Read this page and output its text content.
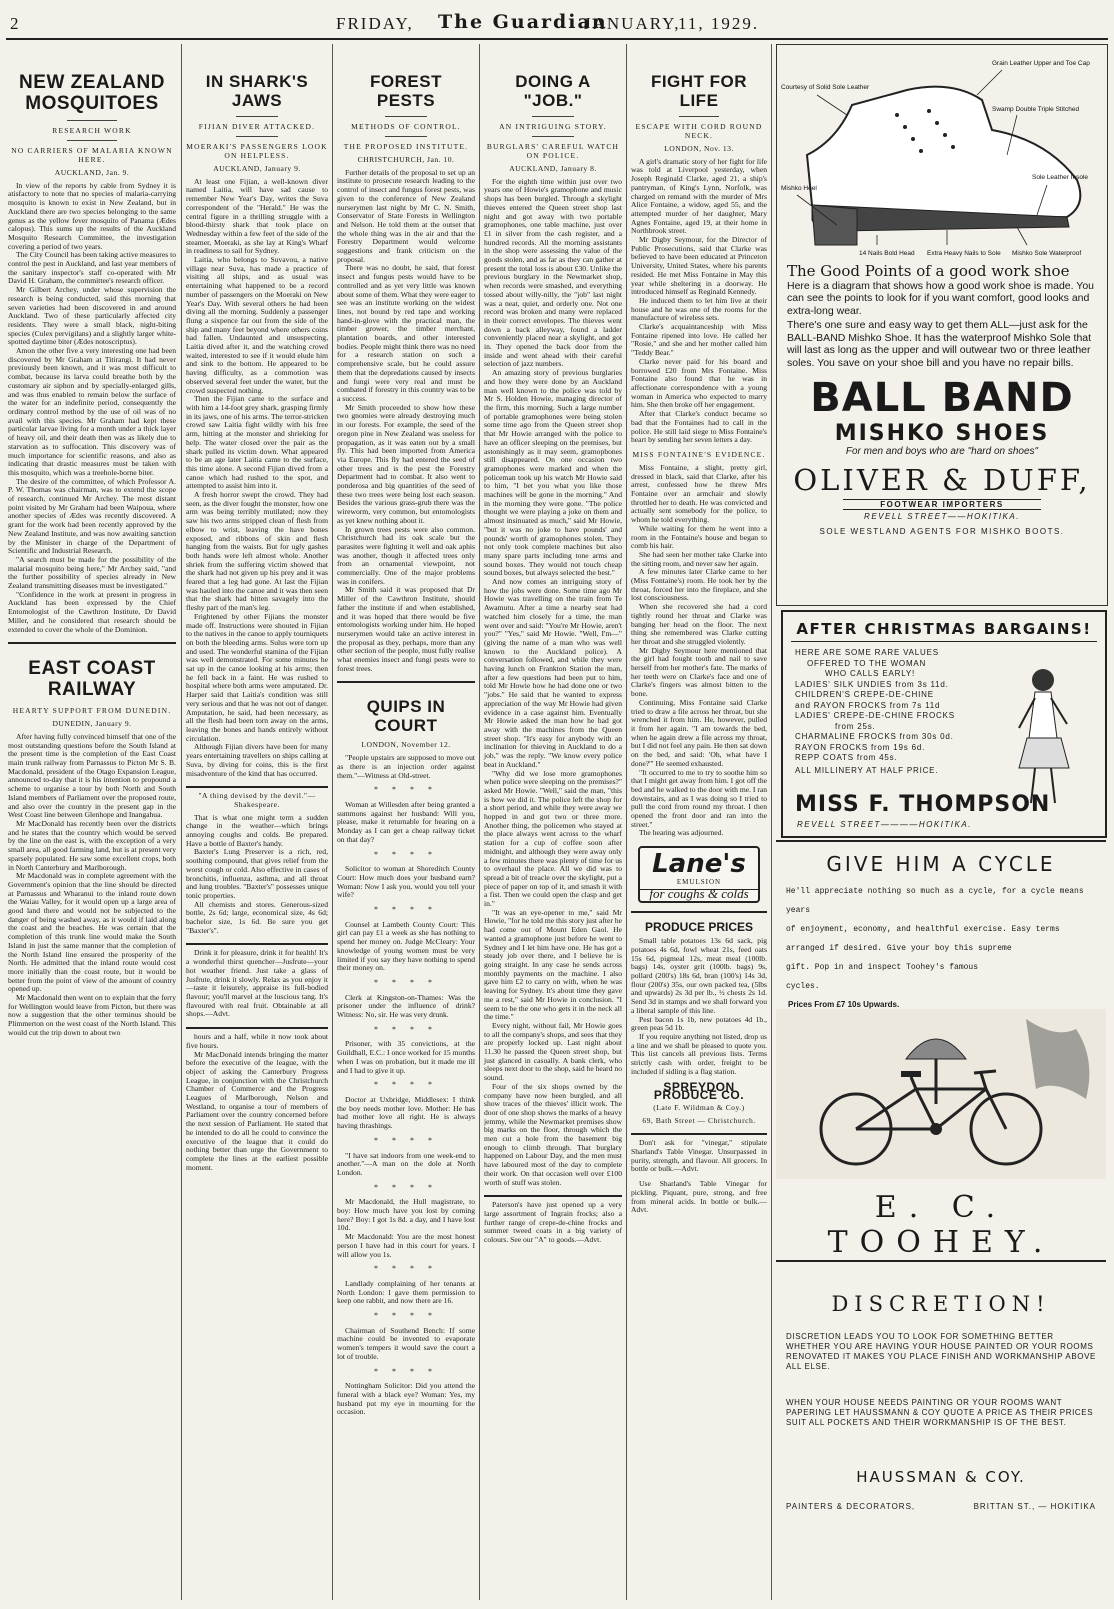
2	FRIDAY, The Guardian
JANUARY,
11, 1929.
NEW ZEALAND MOSQUITOES
RESEARCH WORK
NO CARRIERS OF MALARIA KNOWN HERE.
AUCKLAND, Jan. 9.

In view of the reports by cable from Sydney it is atisfactory to note that no species of malaria-carrying mosquito is known to exist in New Zealand, but in Auckland there are two species belonging to the same genus as the yellow fever mosquito of Panama (Ædes calopus). This sums up the results of the Auckland Mosquito Research Committee, the investigation covering a period of two years.

The City Council has been taking active measures to control the pest in Auckland, and last year members of the sanitary inspector's staff co-operated with Mr David H. Graham, the committee's research officer.

Mr Gilbert Archey, under whose supervision the research is being conducted, said this morning that seven varieties had been discovered in and around Auckland. Two of these particularly affected city residents. They were a small black, night-biting species (Culex pervigilans) and a slightly larger white-spotted daytime biter (Ædes notoscriptus).

Amon the other five a very interesting one had been discovered by Mr Graham at Titirangi. It had never previously been known, and it was most difficult to combat, because its larva could breathe both by the customary air siphon and by specially-enlarged gills, and was thus enabled to remain below the surface of the water for an indefinite period, consequently the ordinary control method by the use of oil was of no avail with this species. Mr Graham had kept these particular larvae living for a month under a thick layer of heavy oil, and their death then was as likely due to starvation as to suffocation. This discovery was of much importance for scientific reasons, and also as indicating that drastic measures must be taken with this mosquito, which was a treehole-borne biter.

The desire of the committee, of which Professor A. P. W. Thomas was chairman, was to extend the scope of research, continued Mr Archey. The most distant point visited by Mr Graham had been Waipoua, where another species of Ædes was recently discovered. A grant for the work had been recently approved by the New Zealand Institute, and was now awaiting sanction by the Minister in charge of the Department of Scientific and Industrial Research.

"A search must be made for the possibility of the malarial mosquito being here," Mr Archey said, "and the further possibility of species already in New Zealand transmitting diseases must be investigated."

"Confidence in the work at present in progress in Auckland has been expressed by the Chief Entomologist of the Cawthron Institute, Dr David Miller, and he considered that research should be extended to cover the whole of the Dominion.

EAST COAST RAILWAY
HEARTY SUPPORT FROM DUNEDIN.
DUNEDIN, January 9.

After having fully convinced himself that one of the most outstanding questions before the South Island at the present time is the completion of the East Coast main trunk railway from Parnassus to Picton Mr S. B. Macdonald, president of the Otago Expansion League, announced to-day that it is his intention to propound a scheme to organise a tour by both North and South Island members of Parliament over the proposed route, and also over the country in the present gap in the West Coast line between Glenhope and Inangahua.

Mr MacDonald has recently been over the districts and he states that the country which would be served by the line on the east is, with the exception of a very small area, all good farming land, but is at present very sparsely populated. He saw some excellent crops, both in North Canterbury and Marlborough.

Mr Macdonald was in complete agreement with the Government's opinion that the line should be directed at Parnassus and Wharanui to the inland route down the Waiau Valley, for it would open up a large area of good land there and would not be subjected to the danger of being washed away, as it would if laid along the coast and the beaches. He was certain that the completion of this trunk line would make the South Island in just the same manner that the completion of the North Island line ensured the prosperity of the North. He admitted that the inland route would cost more initially than the coast route, but it would be better from the point of view of the amount of country opened up.

Mr Macdonald then went on to explain that the ferry for Wellington would leave from Picton, but there was now a suggestion that the other terminus should be Plimmerton on the west coast of the North Island. This would cut the trip down to about two

IN SHARK'S JAWS
FIJIAN DIVER ATTACKED.
MOERAKI'S PASSENGERS LOOK ON HELPLESS.
AUCKLAND, January 9.

At least one Fijian, a well-known diver named Laitia, will have sad cause to remember New Year's Day, writes the Suva correspondent of the "Herald." He was the central figure in a thrilling struggle with a blood-thirsty shark that took place on Wednesday within a few feet of the side of the steamer, Moeraki, as she lay at King's Wharf in readiness to sail for Sydney.

Laitia, who belongs to Suvavou, a native village near Suva, has made a practice of visiting all ships, and as usual was entertaining what happened to be a record number of passengers on the Moeraki on New Year's Day. With several others he had been diving all the morning. Suddenly a passenger flung a sixpence far out from the side of the ship and many feet beyond where others coins had fallen. Undaunted and unsuspecting, Laitia dived after it, and the watching crowd waited, interested to see if it would elude him and sink to the bottom. He appeared to be having difficulty, as a commotion was observed several feet under the water, but the crowd suspected nothing.

Then the Fijian came to the surface and with him a 14-foot grey shark, grasping firmly in its jaws, one of his arms. The terror-stricken crowd saw Laitia fight wildly with his free arm, hitting at the monster and shrieking for help. The water closed over the pair as the shark pulled its victim down. What appeared to be an age later Laitia came to the surface, this time alone. A second Fijian dived from a canoe which had rushed to the spot, and attempted to assist him into it.

A fresh horror swept the crowd. They had seen, as the diver fought the monster, how one arm was being terribly mutilated; now they saw his two arms stripped clean of flesh from elbow to wrist, leaving the have bones exposed, and ribbons of skin and flesh hanging from the waists. But for ugly gashes both hands were left almost whole. Another shriek from the suffering victim showed that the shark had not given up his prey and it was feared that a leg had gone. At last the Fijian was hauled into the canoe and it was then seen that the shark had bitten savagely into the fleshy part of the man's leg.

Frightened by other Fijians the monster made off. Instructions were shouted in Fijian to the natives in the canoe to apply tourniquets on both the bleeding arms. Sulus were torn up and used. The wonderful stamina of the Fijian was well demonstrated. For some minutes he sat up in the canoe looking at his arms; then he fell back in a faint. He was rushed to hospital where both arms were amputated. Dr. Harper said that Laitia's condition was still very serious and that he was not out of danger. Amputation, he said, had been necessary, as all the flesh had been torn away on the arms, leaving the bones and hands entirely without circulation.

Although Fijian divers have been for many years entertaining travellers on ships calling at Suva, by diving for coins, this is the first misadventure of the kind that has occurred.

"A thing devised by the devil."—Shakespeare.

That is what one might term a sudden change in the weather—which brings annoying coughs and colds. Be prepared. Have a bottle of Baxter's handy.

Baxter's Lung Preserver is a rich, red, soothing compound, that gives relief from the worst cough or cold. Also effective in cases of bronchitis, influenza, asthma, and all throat and lung troubles. "Baxter's" possesses unique tonic properties.

All chemists and stores. Generous-sized bottle, 2s 6d; large, economical size, 4s 6d; bachelor size, 1s 6d. Be sure you get "Baxter's".

Drink it for pleasure, drink it for health! It's a wonderful thirst quencher—Jusfrute—your hot weather friend. Just take a glass of Jusfrute, drink it slowly. Relax as you enjoy it—taste it leisurely, appraise its full-bodied flavour; you'll marvel at the luscious tang. It's flavoured with real fruit. Obtainable at all shops.—Advt.

hours and a half, while it now took about five hours.

Mr MacDonald intends bringing the matter before the executive of the league, with the object of asking the Canterbury Progress League, in conjunction with the Christchurch Chamber of Commerce and the Progress Leagues of Marlborough, Nelson and Westland, to organise a tour of members of Parliament over the country concerned before the next session of Parliament. He stated that he intended to do all he could to convince the executive of the league that it could do nothing better than urge the Government to complete the lines at the earliest possible moment.

FOREST PESTS
METHODS OF CONTROL.
THE PROPOSED INSTITUTE.
CHRISTCHURCH, Jan. 10.

Further details of the proposal to set up an institute to prosecute research leading to the control of insect and fungus forest pests, was given to the conference of New Zealand nurserymen last night by Mr C. N. Smith, Conservator of State Forests in Wellington and Nelson. He told them at the outset that the whole thing was in the air and that the Forestry Department would welcome suggestions and frank criticism on the proposal.

There was no doubt, he said, that forest insect and fungus pests would have to be controlled and as yet very little was known about some of them. What they were eager to see was an institute working on the widest lines, not bound by red tape and working hand-in-glove with the practical man, the timber grower, the timber merchant, plantation boards, and other interested bodies. People might think there was no need for a research station on such a comprehensive scale, but he could assure them that the depredations caused by insects and fungi were very real and must be combated if forestry in this country was to be a success.

Mr Smith proceeded to show how these two gnomies were already destroying much in our forests. For example, the seed of the oregon pine in New Zealand was useless for propagation, as it was eaten out by a small fly. This had been imported from America via Europe. This fly had entered the seed of other trees and is the pest the Forestry Department had to combat. It also went to ponderosa and big quantities of the seed of these two trees were being lost each season. Besides the various grass-grub there was the wireworm, very common, but entomologists as yet knew nothing about it.

In grown trees pests were also common. Christchurch had its oak scale but the parasites were fighting it well and oak aphis was another, though it affected trees only from an ornamental viewpoint, not commercially. One of the major problems was in conifers.

Mr Smith said it was proposed that Dr Miller of the Cawthron Institute, should father the institute if and when established, and it was hoped that there would be five entomologists working under him. He hoped nurserymen would take an active interest in the proposal as they, perhaps, more than any other section of the people, must fully realise what enemies insect and fungi pests were to forest trees.

QUIPS IN COURT
LONDON, November 12.

"People upstairs are supposed to move out as there is an injection order against them."—Witness at Old-street.

* * * *

Woman at Willesden after being granted a summons against her husband: Will you, please, make it returnable for hearing on a Monday as I can get a cheap railway ticket on that day?

* * * *

Solicitor to woman at Shoreditch County Court: How much does your husband earn? Woman: Now I ask you, would you tell your wife?

* * * *

Counsel at Lambeth County Court: This girl can pay £1 a week as she has nothing to spend her money on. Judge McCleary: Your knowledge of young women must be very limited if you say they have nothing to spend their money on.

* * * *

Clerk at Kingston-on-Thames: Was the prisoner under the influence of drink? Witness: No, sir. He was very drunk.

* * * *

Prisoner, with 35 convictions, at the Guildhall, E.C.: I once worked for 15 months when I was on probation, but it made me ill and I had to give it up.

* * * *

Doctor at Uxbridge, Middlesex: I think the boy needs mother love. Mother: He has had mother love all right. He is always having thrashings.

* * * *

"I have sat indoors from one week-end to another."—A man on the dole at North London.

* * * *

Mr Macdonald, the Hull magistrate, to boy: How much have you lost by coming here? Boy: I got 1s 8d. a day, and I have lost 10d.

Mr Macdonald: You are the most honest person I have had in this court for years. I will allow you 1s.

* * * *

Landlady complaining of her tenants at North London: I gave them permission to keep one rabbit, and now there are 16.

* * * *

Chairman of Southend Bench: If some machine could be invented to evaporate women's tempers it would save the court a lot of trouble.

* * * *

Nottingham Solicitor: Did you attend the funeral with a black eye? Woman: Yes, my husband put my eye in mourning for the occasion.

DOING A "JOB."
AN INTRIGUING STORY.
BURGLARS' CAREFUL WATCH ON POLICE.
AUCKLAND, January 8.

For the eighth time within just over two years one of Howie's gramophone and music shops has been burgled. Through a skylight thieves entered the Queen street shop last night and got away with two portable gramophones, one table machine, just over £1 in silver from the cash register, and a hundred records. All the morning assistants in the shop were assessing the value of the goods stolen, and as far as they can gather at present the total loss is about £30. Unlike the previous burglary in the Newmarket shop, when records were smashed, and everything tossed about willy-nilly, the "job" last night was a neat, quiet, and orderly one. Not one record was broken and many were replaced in their correct envelopes. The thieves went down a back alleyway, found a ladder conveniently placed near a skylight, and got in. They opened the back door from the inside and went ahead with their careful selection of jazz numbers.

An amazing story of previous burglaries and how they were done by an Auckland man well known to the police was told by Mr S. Holden Howie, managing director of the firm, this morning. Such a large number of portable gramophones were being stolen some time ago from the Queen street shop that Mr Howie arranged with the police to have an officer sleeping on the premises, but astonishingly as it may seem, gramophones still disappeared. On one occasion two gramophones were marked and when the policeman took up his watch Mr Howie said to him, "I bet you what you like those machines will be gone in the morning." And in the morning they were gone. "The police thought we were playing a joke on them and almost insinuated as much," said Mr Howie, "but it was no joke to have pounds' and pounds' worth of gramophones stolen. They not only took complete machines but also many spare parts including tone arms and sound boxes. They would not touch cheap sound boxes, but always selected the best."

And now comes an intriguing story of how the jobs were done. Some time ago Mr Howie was travelling on the train from Te Awamutu. After a time a nearby seat had watched him closely for a time, the man went over and said: "You're Mr Howie, aren't you?" "Yes," said Mr Howie. "Well, I'm—" (giving the name of a man who was well known to the Auckland police). A conversation followed, and while they were having lunch on Frankton Station the man, after a few questions had been put to him, told Mr Howie how he had done one or two "jobs." He said that he wanted to express appreciation of the way Mr Howie had given evidence in a case against him. Eventually Mr Howie asked the man how he had got away with the machines from the Queen street shop. "It's easy for anybody with an inclination for thieving in Auckland to do a job," was the reply. "We know every police beat in Auckland."

"Why did we lose more gramophones when police were sleeping on the premises?" asked Mr Howie. "Well," said the man, "this is how we did it. The police left the shop for a short period, and while they were away we hopped in and got two or three more. Another thing, the policemen who stayed at the place always went across to the wharf station for a cup of coffee soon after midnight, and although they were away only a few minutes there was plenty of time for us to overhaul the place. All we did was to spread a bit of treacle over the skylight, put a piece of paper on top of it, and smash it with a fist. Then we could open the clasp and get in."

"It was an eye-opener to me," said Mr Howie, "for he told me this story just after he had come out of Mount Eden Gaol. He wanted a gramophone just before he went to Sydney and I let him have one. He has got a steady job over there, and I believe he is going straight. In any case he sends across monthly payments on the machine. I also gave him £2 to carry on with, when he was leaving for Sydney. It's about time they gave me a rest," said Mr Howie in conclusion. "I seem to be the one who gets it in the neck all the time."

Every night, without fail, Mr Howie goes to all the company's shops, and sees that they are properly locked up. Last night about 11.30 he passed the Queen street shop, but just glanced in casually. A bank clerk, who sleeps next door to the shop, said he heard no sound.

Four of the six shops owned by the company have now been burgled, and all show traces of the thieves' illicit work. The door of one shop shows the marks of a heavy jemmy, while the Newmarket premises show big marks on the floor, through which the men cut a hole from the basement big enough to climb through. That burglary happened on Labour Day, and the men must have laboured most of the day to complete their work. On that occasion well over £100 worth of stuff was stolen.

Paterson's have just opened up a very large assortment of Ingrain frocks; also a further range of crepe-de-chine frocks and summer tweed coats in a big variety of colours. See our "A" to goods.—Advt.

FIGHT FOR LIFE
ESCAPE WITH CORD ROUND NECK.
LONDON, Nov. 13.

A girl's dramatic story of her fight for life was told at Liverpool yesterday, when Joseph Reginald Clarke, aged 21, a ship's pantryman, of King's Lynn, Norfolk, was charged on remand with the murder of Mrs Alice Fontaine, a widow, aged 55, and the attempted murder of her daughter, Mary Agnes Fontaine, aged 19, at their home in Northbrook street.

Mr Digby Seymour, for the Director of Public Prosecutions, said that Clarke was believed to have been educated at Princeton University, United States, where his parents resided. He met Miss Fontaine in May this year while sheltering in a doorway. He introduced himself as Reginald Kennedy.

He induced them to let him live at their house and he was one of the rooms for the manufacture of wireless sets.

Clarke's acquaintanceship with Miss Fontaine ripened into love. He called her "Rosie," and she and her mother called him "Teddy Bear."

Clarke never paid for his board and borrowed £20 from Mrs Fontaine. Miss Fontaine also found that he was in affectionate correspondence with a young woman in America who expected to marry him. She then broke off her engagement.

After that Clarke's conduct became so bad that the Fontaines had to call in the police. He still laid siege to Miss Fontaine's heart by sending her seven letters a day.

MISS FONTAINE'S EVIDENCE.

Miss Fontaine, a slight, pretty girl, dressed in black, said that Clarke, after his arrest, confessed how he threw Mrs Fontaine over an armchair and slowly throttled her to death. He was convicted and actually sent somebody for the police, to whom he told everything.

While waiting for them he went into a room in the Fontaine's house and began to comb his hair.

She had seen her mother take Clarke into the sitting room, and never saw her again.

A few minutes later Clarke came to her (Miss Fontaine's) room. He took her by the throat, forced her into the fireplace, and she lost consciousness.

When she recovered she had a cord tightly round her throat and Clarke was banging her head on the floor. The next thing she remembered was Clarke cutting her throat and she struggled violently.

Mr Digby Seymour here mentioned that the girl had fought tooth and nail to save herself from her mother's fate. The marks of her teeth were on Clarke's face and one of Clarke's fingers was almost bitten to the bone.

Continuing, Miss Fontaine said Clarke tried to draw a file across her throat, but she wrenched it from him. He, however, pulled it from her again. "I am towards the bed, when he again drew a file across my throat, but I did not feel any pain. He then sat down on the bed, and said: 'Oh, what have I done?'" He seemed exhausted.

"It occurred to me to try to soothe him so that I might get away from him. I got off the bed and he walked to the door with me. I ran downstairs, and as I was doing so I tried to pull the cord from round my throat. I then opened the front door and ran into the street."

The hearing was adjourned.

Lane's
EMULSION
for coughs & colds
PRODUCE PRICES

Small table potatoes 13s 6d sack, pig potatoes 4s 6d, fowl wheat 21s, feed oats 15s 6d, pigmeal 12s, meat meal (100lb. bags) 14s, oyster grit (100lb. bags) 9s, pollard (200's) 18s 6d, bran (100's) 14s 3d, flour (200's) 35s, our own packed tea, (5lbs and upwards) 2s 3d per lb., ½ chests 2s 1d. Send 3d in stamps and we shall forward you a liberal sample of this line.

Pest bacon 1s 1b, new potatoes 4d 1b., green peas 5d 1b.

If you require anything not listed, drop us a line and we shall be pleased to quote you. This list cancels all previous lists. Terms strictly cash with order, freight to be included if sidling is a flag station.

SPREYDON PRODUCE CO.
(Late F. Wildman & Coy.)
69, Bath Street — Christchurch.

Don't ask for "vinegar," stipulate Sharland's Table Vinegar. Unsurpassed in purity, strength, and flavour. All grocers. In bottle or bulk.—Advt.

Use Sharland's Table Vinegar for pickling. Piquant, pure, strong, and free from mineral acids. In bottle or bulk.—Advt.

Grain Leather Upper and Toe Cap
Courtesy of Solid Sole Leather
Swamp Double Triple Stitched
Mishko Heel
Sole Leather Insole
14 Nails Bold Head Extra Heavy Nails to Sole Mishko Sole Waterproof
The Good Points of a good work shoe
Here is a diagram that shows how a good work shoe is made. You can see the points to look for if you want comfort, good looks and extra-long wear.
There's one sure and easy way to get them ALL—just ask for the BALL-BAND Mishko Shoe. It has the waterproof Mishko Sole that will last as long as the upper and will outwear two or three leather soles. You save on your shoe bill and you have no repair bills.
BALL BAND
MISHKO SHOES
For men and boys who are "hard on shoes"
OLIVER & DUFF,
FOOTWEAR IMPORTERS
REVELL STREET——HOKITIKA.
SOLE WESTLAND AGENTS FOR MISHKO BOOTS.
AFTER CHRISTMAS BARGAINS!
HERE ARE SOME RARE VALUES
OFFERED TO THE WOMAN
WHO CALLS EARLY!
LADIES' SILK UNDIES from 3s 11d.
CHILDREN'S CREPE-DE-CHINE
and RAYON FROCKS from 7s 11d
LADIES' CREPE-DE-CHINE FROCKS
from 25s.
CHARMALINE FROCKS from 30s 0d.
RAYON FROCKS from 19s 6d.
REPP COATS from 45s.
ALL MILLINERY AT HALF PRICE.
MISS F. THOMPSON
REVELL STREET————HOKITIKA.
GIVE HIM A CYCLE
He'll appreciate nothing so much as a cycle, for a cycle means years
of enjoyment, economy, and healthful exercise. Easy terms
arranged if desired. Give your boy this supreme
gift. Pop in and inspect Toohey's famous
cycles.
Prices From £7 10s Upwards.
E. C. TOOHEY.
DISCRETION!
DISCRETION LEADS YOU TO LOOK FOR SOMETHING BETTER WHETHER YOU ARE HAVING YOUR HOUSE PAINTED OR YOUR ROOMS RENOVATED IT MAKES YOU PLACE FINISH AND WORKMANSHIP ABOVE ALL ELSE.
WHEN YOUR HOUSE NEEDS PAINTING OR YOUR ROOMS WANT PAPERING LET HAUSSMANN & COY QUOTE A PRICE AS THEIR PRICES SUIT ALL POCKETS AND THEIR WORKMANSHIP IS OF THE BEST.
HAUSSMAN & COY.
PAINTERS & DECORATORS,	BRITTAN ST., — HOKITIKA
